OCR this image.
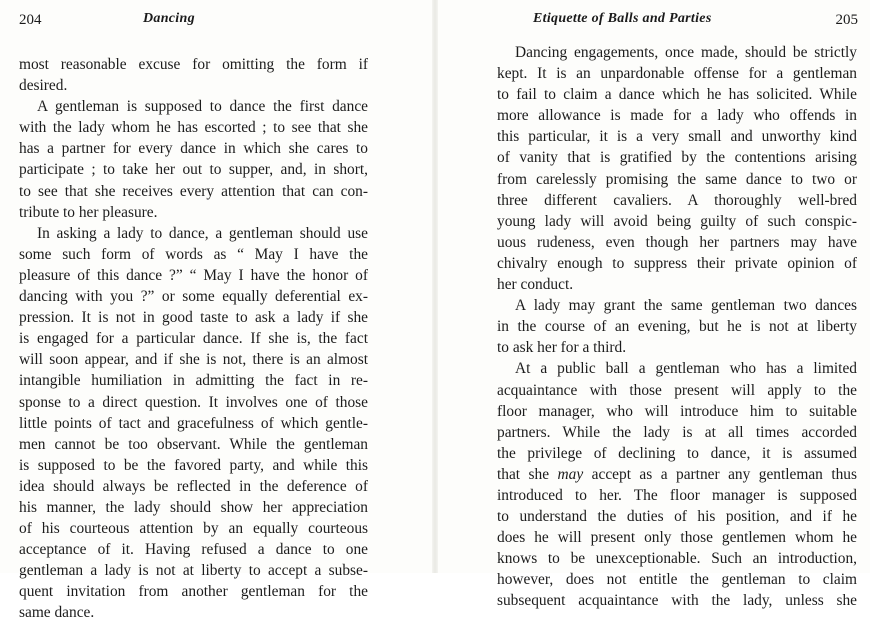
204	Dancing
most reasonable excuse for omitting the form if
desired.
A gentleman is supposed to dance the first dance
with the lady whom he has escorted ; to see that she
has a partner for every dance in which she cares to
participate ; to take her out to supper, and, in short,
to see that she receives every attention that can con-
tribute to her pleasure.
In asking a lady to dance, a gentleman should use
some such form of words as “ May I have the
pleasure of this dance ?” “ May I have the honor of
dancing with you ?” or some equally deferential ex-
pression. It is not in good taste to ask a lady if she
is engaged for a particular dance. If she is, the fact
will soon appear, and if she is not, there is an almost
intangible humiliation in admitting the fact in re-
sponse to a direct question. It involves one of those
little points of tact and gracefulness of which gentle-
men cannot be too observant. While the gentleman
is supposed to be the favored party, and while this
idea should always be reflected in the deference of
his manner, the lady should show her appreciation
of his courteous attention by an equally courteous
acceptance of it. Having refused a dance to one
gentleman a lady is not at liberty to accept a subse-
quent invitation from another gentleman for the
same dance.
Etiquette of Balls and Parties	205
Dancing engagements, once made, should be strictly
kept. It is an unpardonable offense for a gentleman
to fail to claim a dance which he has solicited. While
more allowance is made for a lady who offends in
this particular, it is a very small and unworthy kind
of vanity that is gratified by the contentions arising
from carelessly promising the same dance to two or
three different cavaliers. A thoroughly well-bred
young lady will avoid being guilty of such conspic-
uous rudeness, even though her partners may have
chivalry enough to suppress their private opinion of
her conduct.
A lady may grant the same gentleman two dances
in the course of an evening, but he is not at liberty
to ask her for a third.
At a public ball a gentleman who has a limited
acquaintance with those present will apply to the
floor manager, who will introduce him to suitable
partners. While the lady is at all times accorded
the privilege of declining to dance, it is assumed
that she may accept as a partner any gentleman thus
introduced to her. The floor manager is supposed
to understand the duties of his position, and if he
does he will present only those gentlemen whom he
knows to be unexceptionable. Such an introduction,
however, does not entitle the gentleman to claim
subsequent acquaintance with the lady, unless she
